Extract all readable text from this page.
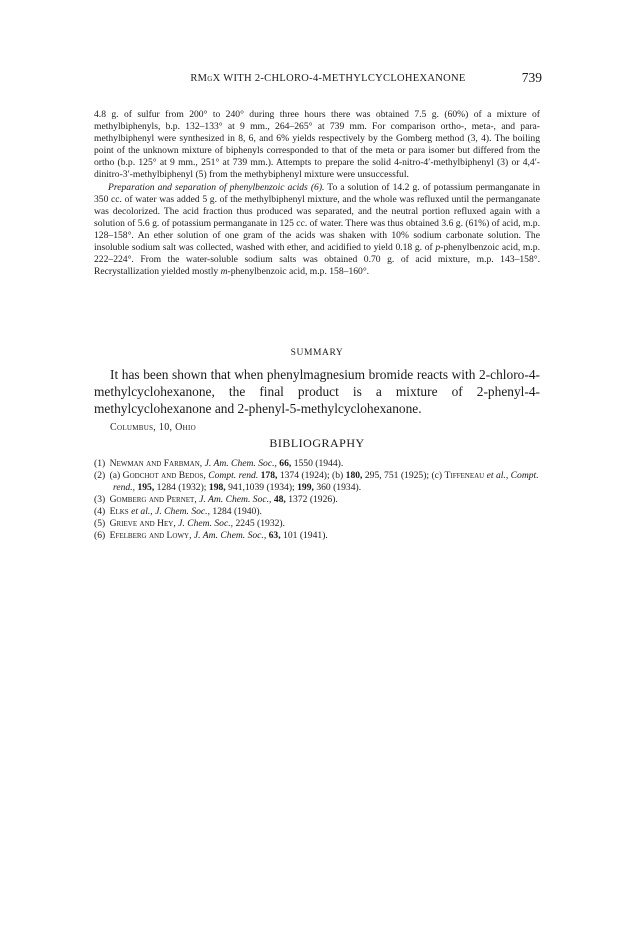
RMgX WITH 2-CHLORO-4-METHYLCYCLOHEXANONE	739

4.8 g. of sulfur from 200° to 240° during three hours there was obtained 7.5 g. (60%) of a mixture of methylbiphenyls, b.p. 132–133° at 9 mm., 264–265° at 739 mm. For comparison ortho-, meta-, and para-methylbiphenyl were synthesized in 8, 6, and 6% yields respectively by the Gomberg method (3, 4). The boiling point of the unknown mixture of biphenyls corresponded to that of the meta or para isomer but differed from the ortho (b.p. 125° at 9 mm., 251° at 739 mm.). Attempts to prepare the solid 4-nitro-4′-methylbiphenyl (3) or 4,4′-dinitro-3′-methylbiphenyl (5) from the methybiphenyl mixture were unsuccessful.

Preparation and separation of phenylbenzoic acids (6). To a solution of 14.2 g. of potassium permanganate in 350 cc. of water was added 5 g. of the methylbiphenyl mixture, and the whole was refluxed until the permanganate was decolorized. The acid fraction thus produced was separated, and the neutral portion refluxed again with a solution of 5.6 g. of potassium permanganate in 125 cc. of water. There was thus obtained 3.6 g. (61%) of acid, m.p. 128–158°. An ether solution of one gram of the acids was shaken with 10% sodium carbonate solution. The insoluble sodium salt was collected, washed with ether, and acidified to yield 0.18 g. of p-phenylbenzoic acid, m.p. 222–224°. From the water-soluble sodium salts was obtained 0.70 g. of acid mixture, m.p. 143–158°. Recrystallization yielded mostly m-phenylbenzoic acid, m.p. 158–160°.

SUMMARY
It has been shown that when phenylmagnesium bromide reacts with 2-chloro-4-methylcyclohexanone, the final product is a mixture of 2-phenyl-4-methylcyclohexanone and 2-phenyl-5-methylcyclohexanone.
Columbus, 10, Ohio
BIBLIOGRAPHY

(1) Newman and Farbman, J. Am. Chem. Soc., 66, 1550 (1944).

(2) (a) Godchot and Bedos, Compt. rend. 178, 1374 (1924); (b) 180, 295, 751 (1925); (c) Tiffeneau et al., Compt. rend., 195, 1284 (1932); 198, 941,1039 (1934); 199, 360 (1934).

(3) Gomberg and Pernet, J. Am. Chem. Soc., 48, 1372 (1926).

(4) Elks et al., J. Chem. Soc., 1284 (1940).

(5) Grieve and Hey, J. Chem. Soc., 2245 (1932).

(6) Efelberg and Lowy, J. Am. Chem. Soc., 63, 101 (1941).
